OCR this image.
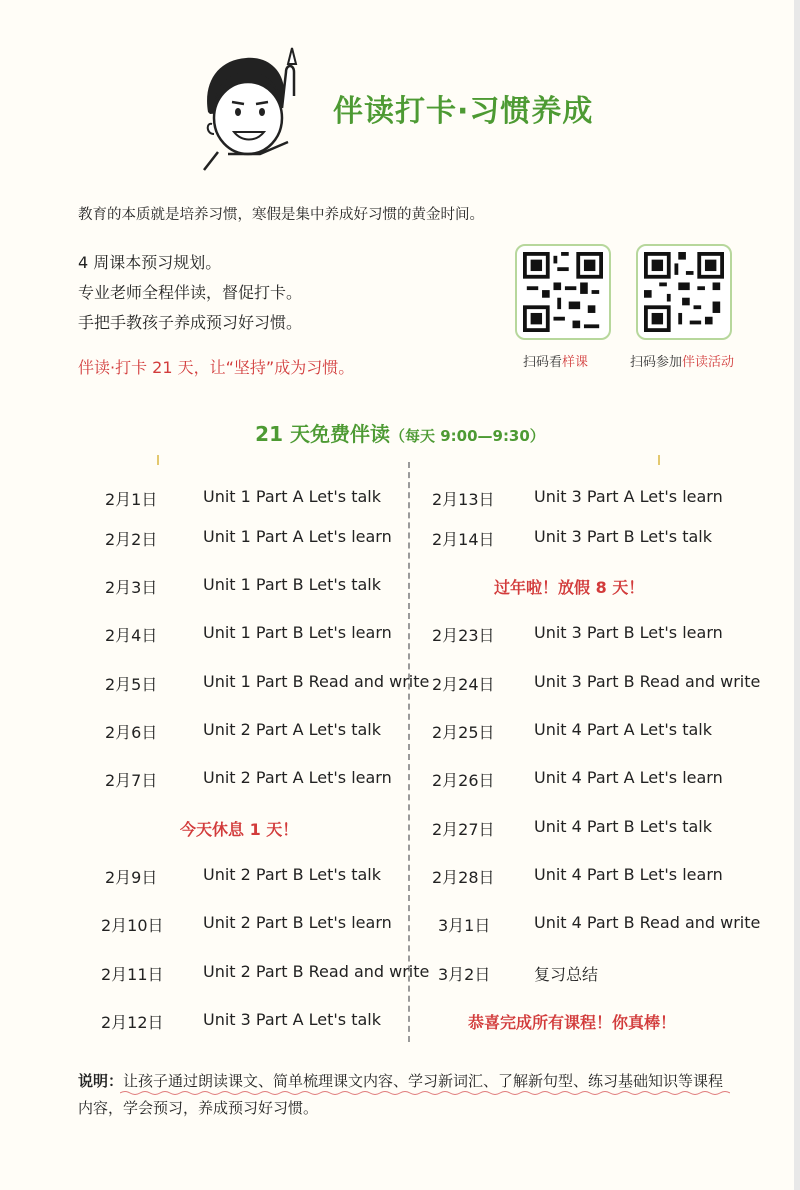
伴读打卡·习惯养成
教育的本质就是培养习惯，寒假是集中养成好习惯的黄金时间。
4 周课本预习规划。
专业老师全程伴读，督促打卡。
手把手教孩子养成预习好习惯。
伴读·打卡 21 天，让“坚持”成为习惯。	扫码看样课	扫码参加伴读活动
21 天免费伴读（每天 9:00—9:30）
2月1日	Unit 1 Part A Let's talk
2月2日	Unit 1 Part A Let's learn
2月3日	Unit 1 Part B Let's talk
2月4日	Unit 1 Part B Let's learn
2月5日	Unit 1 Part B Read and write
2月6日	Unit 2 Part A Let's talk
2月7日	Unit 2 Part A Let's learn
今天休息 1 天！
2月9日	Unit 2 Part B Let's talk
2月10日 Unit 2 Part B Let's learn
2月11日 Unit 2 Part B Read and write
2月12日 Unit 3 Part A Let's talk
2月13日 Unit 3 Part A Let's learn
2月14日 Unit 3 Part B Let's talk
过年啦！放假 8 天！
2月23日 Unit 3 Part B Let's learn
2月24日 Unit 3 Part B Read and write
2月25日 Unit 4 Part A Let's talk
2月26日 Unit 4 Part A Let's learn
2月27日 Unit 4 Part B Let's talk
2月28日 Unit 4 Part B Let's learn
3月1日	Unit 4 Part B Read and write
3月2日	复习总结
恭喜完成所有课程！你真棒！
说明：让孩子通过朗读课文、简单梳理课文内容、学习新词汇、了解新句型、练习基础知识等课程内容，学会预习，养成预习好习惯。
